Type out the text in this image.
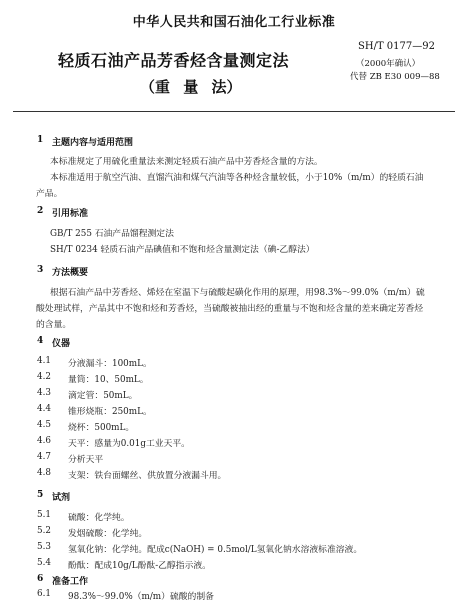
中华人民共和国石油化工行业标准
轻质石油产品芳香烃含量测定法
（重 量 法）
SH/T 0177—92
（2000年确认）
代替 ZB E30 009—88
1 主题内容与适用范围
本标准规定了用硫化重量法来测定轻质石油产品中芳香烃含量的方法。
本标准适用于航空汽油、直馏汽油和煤气汽油等各种烃含量较低，小于10%（m/m）的轻质石油
产品。
2 引用标准
GB/T 255 石油产品馏程测定法
SH/T 0234 轻质石油产品碘值和不饱和烃含量测定法（碘-乙醇法）
3 方法概要
根据石油产品中芳香烃、烯烃在室温下与硫酸起磺化作用的原理，用98.3%～99.0%（m/m）硫
酸处理试样，产品其中不饱和烃和芳香烃，当硫酸被抽出经的重量与不饱和烃含量的差来确定芳香烃
的含量。
4 仪器
4.1 分液漏斗：100mL。
4.2 量筒：10、50mL。
4.3 滴定管：50mL。
4.4 锥形烧瓶：250mL。
4.5 烧杯：500mL。
4.6 天平：感量为0.01g工业天平。
4.7 分析天平
4.8 支架：铁台面螺丝、供放置分液漏斗用。
5 试剂
5.1 硫酸：化学纯。
5.2 发烟硫酸：化学纯。
5.3 氢氧化钠：化学纯。配成c(NaOH) = 0.5mol/L氢氧化钠水溶液标准溶液。
5.4 酚酞：配成10g/L酚酞-乙醇指示液。
6 准备工作
6.1 98.3%～99.0%（m/m）硫酸的制备
